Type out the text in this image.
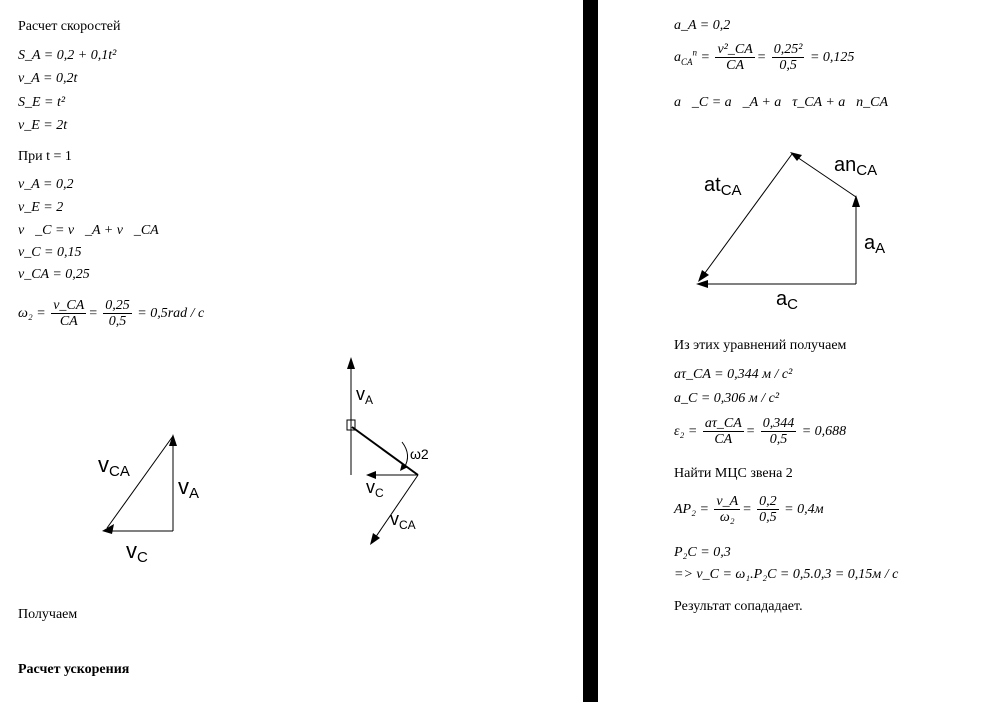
Расчет скоростей
S_A = 0,2 + 0,1t²
v_A = 0,2t
S_E = t²
v_E = 2t
При t = 1
v_A = 0,2
v_E = 2
v⃗_C = v⃗_A + v⃗_CA
v_C = 0,15
v_CA = 0,25
$\omega_2 = \frac{v\_CA}{CA} = \frac{0,25}{0,5} = 0,5rad / c$
vCA
vA
vC
$v_A$
ω2
$v_C$
$v_{CA}$
Получаем
Расчет ускорения
a_A = 0,2
$a_{CA}^n = \frac{\text{v²\_CA}}{CA} = \frac{\text{0,25²}}{0,5} = 0,125$
a⃗_C = a⃗_A + a⃗τ_CA + a⃗n_CA
$at_{CA}$
$an_{CA}$
$a_A$
$a_C$
Из этих уравнений получаем
aτ_CA = 0,344 м / c²
a_C = 0,306 м / c²
$\varepsilon_2 = \frac{a\tau\_CA}{CA} = \frac{0,344}{0,5} = 0,688$
Найти МЦС звена 2
$AP_2 = \frac{v\_A}{\text{ω₂}} = \frac{0,2}{0,5} = 0,4м$
P₂C = 0,3
=> v_C = ω₁.P₂C = 0,5.0,3 = 0,15м / c
Результат сопададает.
